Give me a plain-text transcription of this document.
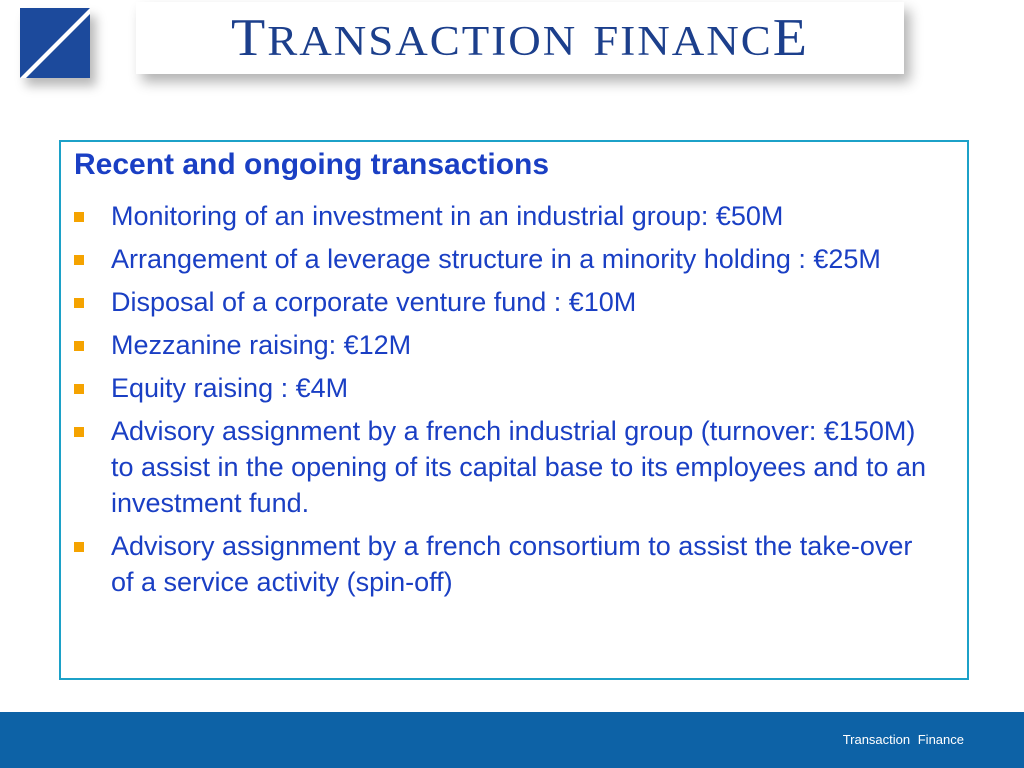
TRANSACTION FINANCE
Recent and ongoing transactions
Monitoring of an investment in an industrial group: €50M
Arrangement of a leverage structure in a minority holding : €25M
Disposal of a corporate venture fund : €10M
Mezzanine raising: €12M
Equity raising : €4M
Advisory assignment by a french industrial group (turnover: €150M) to assist in the opening of its capital base to its employees and to an investment fund.
Advisory assignment by a french consortium to assist the take-over of a service activity (spin-off)
Transaction Finance
